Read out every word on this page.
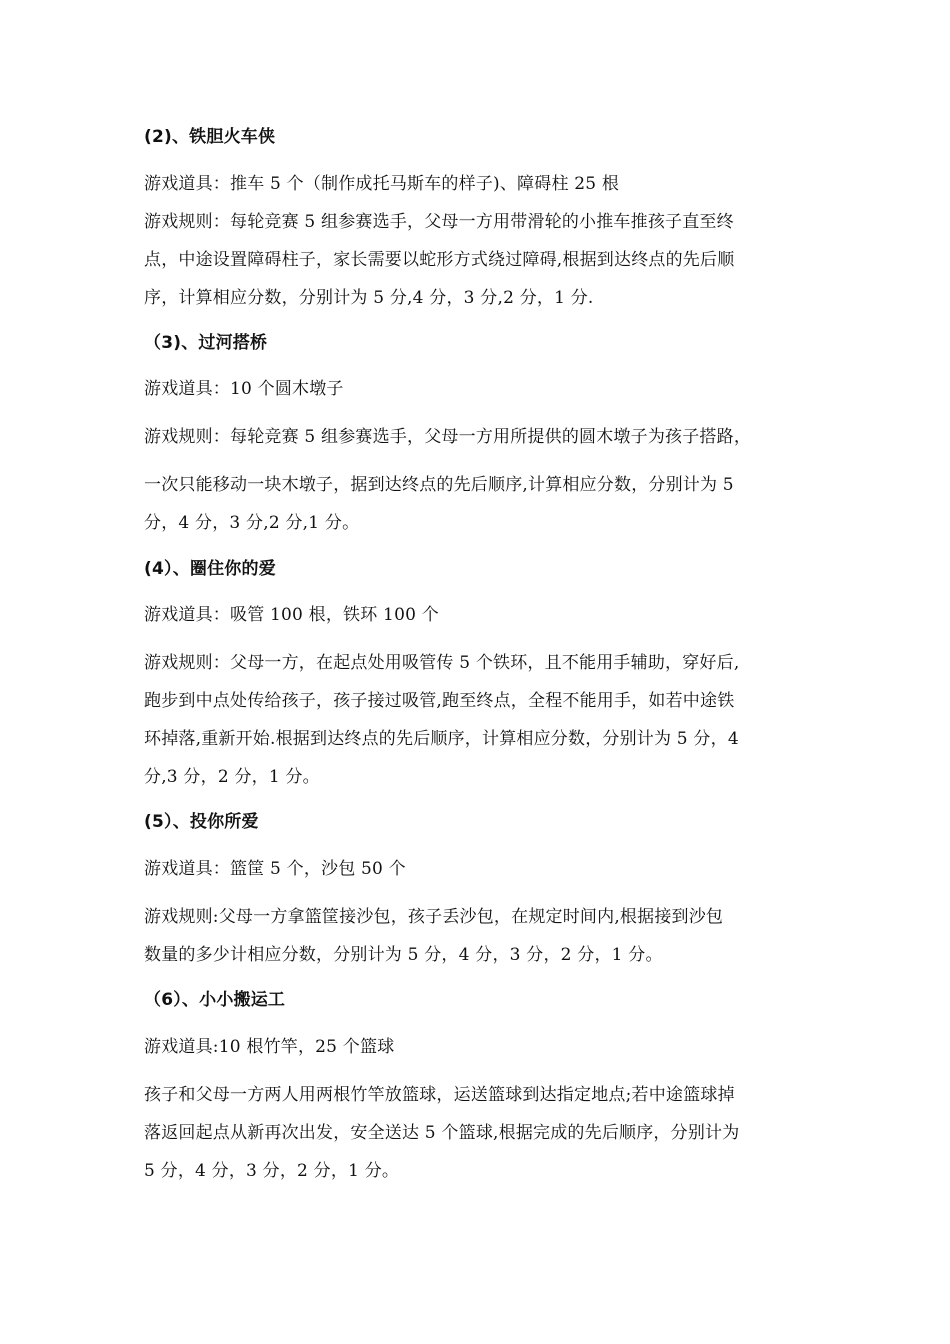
(2)、铁胆火车侠
游戏道具：推车 5 个（制作成托马斯车的样子)、障碍柱 25 根
游戏规则：每轮竞赛 5 组参赛选手，父母一方用带滑轮的小推车推孩子直至终
点，中途设置障碍柱子，家长需要以蛇形方式绕过障碍,根据到达终点的先后顺
序，计算相应分数，分别计为 5 分,4 分，3 分,2 分，1 分.
（3)、过河搭桥
游戏道具：10 个圆木墩子
游戏规则：每轮竞赛 5 组参赛选手，父母一方用所提供的圆木墩子为孩子搭路，
一次只能移动一块木墩子，据到达终点的先后顺序,计算相应分数，分别计为 5
分，4 分，3 分,2 分,1 分。
(4）、圈住你的爱
游戏道具：吸管 100 根，铁环 100 个
游戏规则：父母一方，在起点处用吸管传 5 个铁环，且不能用手辅助，穿好后,
跑步到中点处传给孩子，孩子接过吸管,跑至终点，全程不能用手，如若中途铁
环掉落,重新开始.根据到达终点的先后顺序，计算相应分数，分别计为 5 分，4
分,3 分，2 分，1 分。
(5）、投你所爱
游戏道具：篮筐 5 个，沙包 50 个
游戏规则:父母一方拿篮筐接沙包，孩子丢沙包，在规定时间内,根据接到沙包
数量的多少计相应分数，分别计为 5 分，4 分，3 分，2 分，1 分。
（6）、小小搬运工
游戏道具:10 根竹竿，25 个篮球
孩子和父母一方两人用两根竹竿放篮球，运送篮球到达指定地点;若中途篮球掉
落返回起点从新再次出发，安全送达 5 个篮球,根据完成的先后顺序，分别计为
5 分，4 分，3 分，2 分，1 分。
